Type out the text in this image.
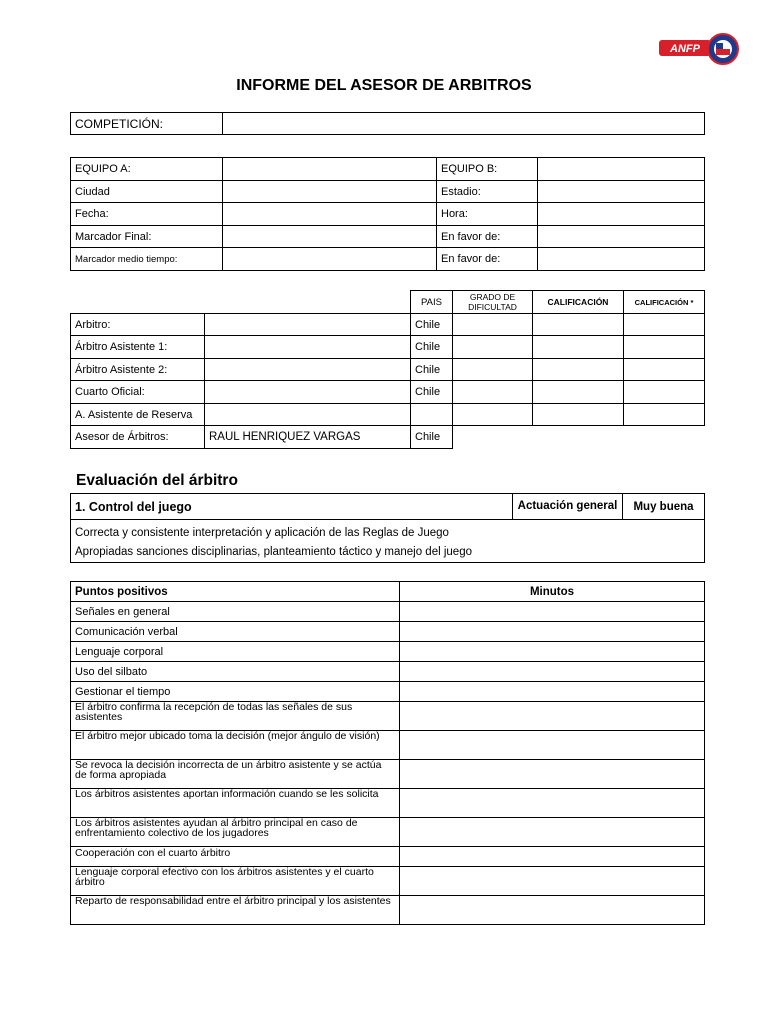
ANFP
INFORME DEL ASESOR DE ARBITROS
COMPETICIÓN:	
EQUIPO A:		EQUIPO B:	
Ciudad		Estadio:	
Fecha:		Hora:	
Marcador Final:		En favor de:	
Marcador medio tiempo:		En favor de:	
		PAIS	GRADO DE DIFICULTAD	CALIFICACIÓN	CALIFICACIÓN *
Arbitro:		Chile			
Árbitro Asistente 1:		Chile			
Árbitro Asistente 2:		Chile			
Cuarto Oficial:		Chile			
A. Asistente de Reserva					
Asesor de Árbitros:	RAUL HENRIQUEZ VARGAS	Chile			
Evaluación del árbitro
1. Control del juego	Actuación general	Muy buena

Correcta y consistente interpretación y aplicación de las Reglas de Juego
Apropiadas sanciones disciplinarias, planteamiento táctico y manejo del juego
Puntos positivos	Minutos
Señales en general	
Comunicación verbal	
Lenguaje corporal	
Uso del silbato	
Gestionar el tiempo	
El árbitro confirma la recepción de todas las señales de sus asistentes	
El árbitro mejor ubicado toma la decisión (mejor ángulo de visión)	
Se revoca la decisión incorrecta de un árbitro asistente y se actúa de forma apropiada	
Los árbitros asistentes aportan información cuando se les solicita	
Los árbitros asistentes ayudan al árbitro principal en caso de enfrentamiento colectivo de los jugadores	
Cooperación con el cuarto árbitro	
Lenguaje corporal efectivo con los árbitros asistentes y el cuarto árbitro	
Reparto de responsabilidad entre el árbitro principal y los asistentes	
